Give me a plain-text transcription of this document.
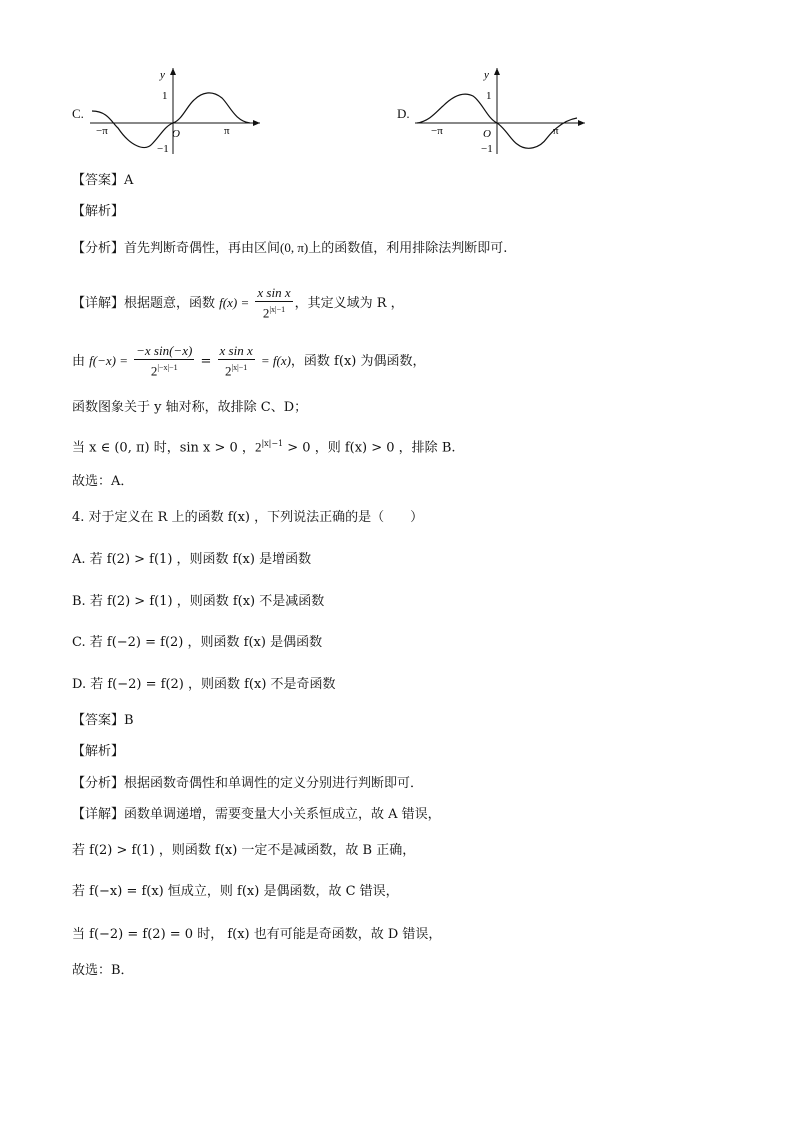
C.
y
1
−1
O
−π	π
D.
y
1
−1
O
−π	π
【答案】A
【解析】
【分析】首先判断奇偶性，再由区间(0, π)上的函数值，利用排除法判断即可.
【详解】根据题意，函数 $f(x) = \frac{\text{x sin x}}{2^{|x|-1}}$ ，其定义域为 R ，
由 $f(-x) = \frac{\text{−x sin(−x)}}{2^{|-x|-1}} = \frac{\text{x sin x}}{2^{|x|-1}} = f(x)$，函数 f(x) 为偶函数，
函数图象关于 y 轴对称，故排除 C、D；
当 x ∈ (0, π) 时，sin x > 0 ，$2^{|x|-1} > 0$ ，则 f(x) > 0 ，排除 B.
故选：A．
4. 对于定义在 R 上的函数 f(x) ，下列说法正确的是（　　）
A. 若 f(2) > f(1) ，则函数 f(x) 是增函数
B. 若 f(2) > f(1) ，则函数 f(x) 不是减函数
C. 若 f(−2) = f(2) ，则函数 f(x) 是偶函数
D. 若 f(−2) = f(2) ，则函数 f(x) 不是奇函数
【答案】B
【解析】
【分析】根据函数奇偶性和单调性的定义分别进行判断即可．
【详解】函数单调递增，需要变量大小关系恒成立，故 A 错误，
若 f(2) > f(1) ，则函数 f(x) 一定不是减函数，故 B 正确，
若 f(−x) = f(x) 恒成立，则 f(x) 是偶函数，故 C 错误，
当 f(−2) = f(2) = 0 时， f(x) 也有可能是奇函数，故 D 错误，
故选：B．
